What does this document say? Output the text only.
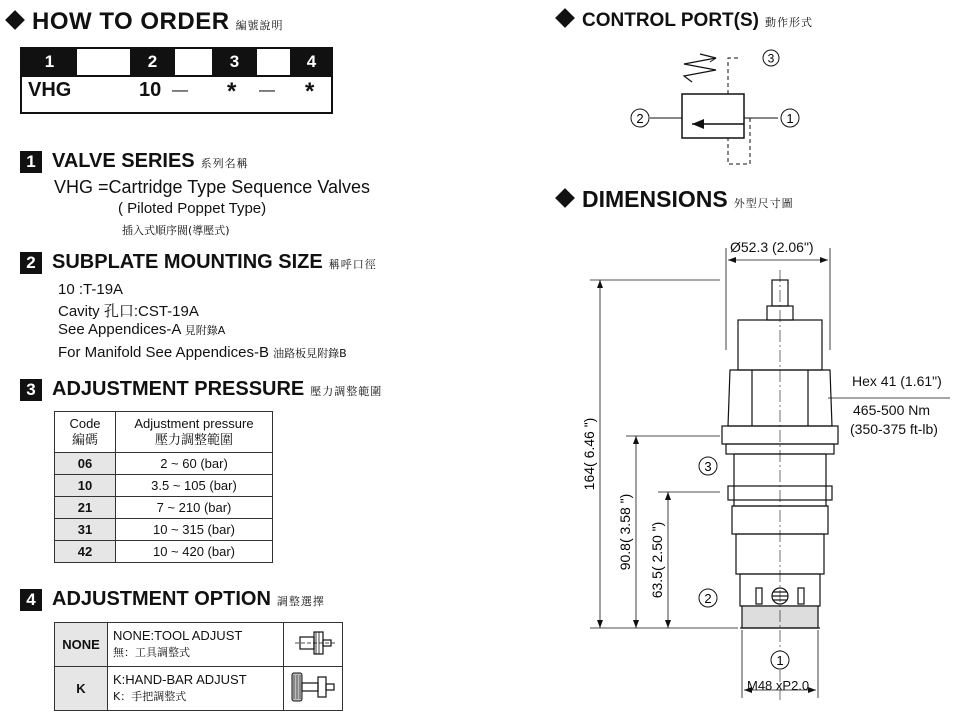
HOW TO ORDER 編號說明
1	2	3	4
VHG	10 — * — *
1 VALVE SERIES 系列名稱
VHG =Cartridge Type Sequence Valves
( Piloted Poppet Type)
插入式順序閥(導壓式)
2 SUBPLATE MOUNTING SIZE 稱呼口徑
10 :T-19A
Cavity 孔口:CST-19A
See Appendices-A 見附錄A
For Manifold See Appendices-B 油路板見附錄B
3 ADJUSTMENT PRESSURE 壓力調整範圍
Code
編碼	Adjustment pressure
壓力調整範圍
06	2 ~ 60 (bar)
10	3.5 ~ 105 (bar)
21	7 ~ 210 (bar)
31	10 ~ 315 (bar)
42	10 ~ 420 (bar)
4 ADJUSTMENT OPTION 調整選擇
NONE	NONE:TOOL ADJUST
無：工具調整式	
K	K:HAND-BAR ADJUST
K：手把調整式	
CONTROL PORT(S) 動作形式
3
2	1
DIMENSIONS 外型尺寸圖
3
2
1
164( 6.46 ")
90.8( 3.58 ") 63.5( 2.50 ")
Ø52.3 (2.06")
Hex 41 (1.61")
465-500 Nm
(350-375 ft-lb)
M48 xP2.0
